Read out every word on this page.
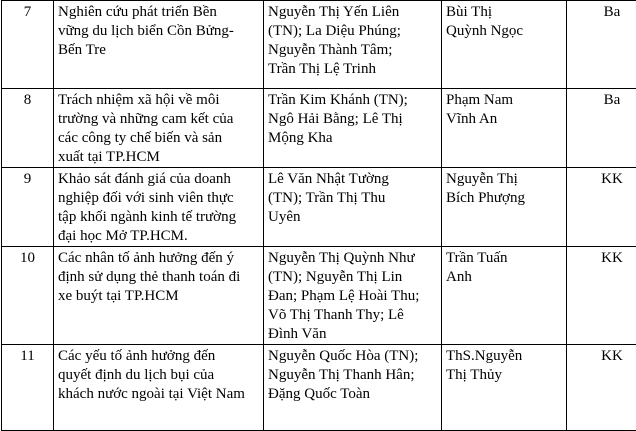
7	Nghiên cứu phát triển Bền
vững du lịch biển Cồn Bửng-
Bến Tre	Nguyễn Thị Yến Liên
(TN); La Diệu Phúng;
Nguyễn Thành Tâm;
Trần Thị Lệ Trinh	Bùi Thị
Quỳnh Ngọc	Ba
8	Trách nhiệm xã hội về môi
trường và những cam kết của
các công ty chế biến và sản
xuất tại TP.HCM	Trần Kim Khánh (TN);
Ngô Hải Bằng; Lê Thị
Mộng Kha	Phạm Nam
Vĩnh An	Ba
9	Khảo sát đánh giá của doanh
nghiệp đối với sinh viên thực
tập khối ngành kinh tế trường
đại học Mở TP.HCM.	Lê Văn Nhật Tường
(TN); Trần Thị Thu
Uyên	Nguyễn Thị
Bích Phượng	KK
10	Các nhân tố ảnh hưởng đến ý
định sử dụng thẻ thanh toán đi
xe buýt tại TP.HCM	Nguyễn Thị Quỳnh Như
(TN); Nguyễn Thị Lin
Đan; Phạm Lệ Hoài Thu;
Võ Thị Thanh Thy; Lê
Đình Văn	Trần Tuấn
Anh	KK
11	Các yếu tố ảnh hưởng đến
quyết định du lịch bụi của
khách nước ngoài tại Việt Nam	Nguyễn Quốc Hòa (TN);
Nguyễn Thị Thanh Hân;
Đặng Quốc Toàn	ThS.Nguyễn
Thị Thủy	KK
